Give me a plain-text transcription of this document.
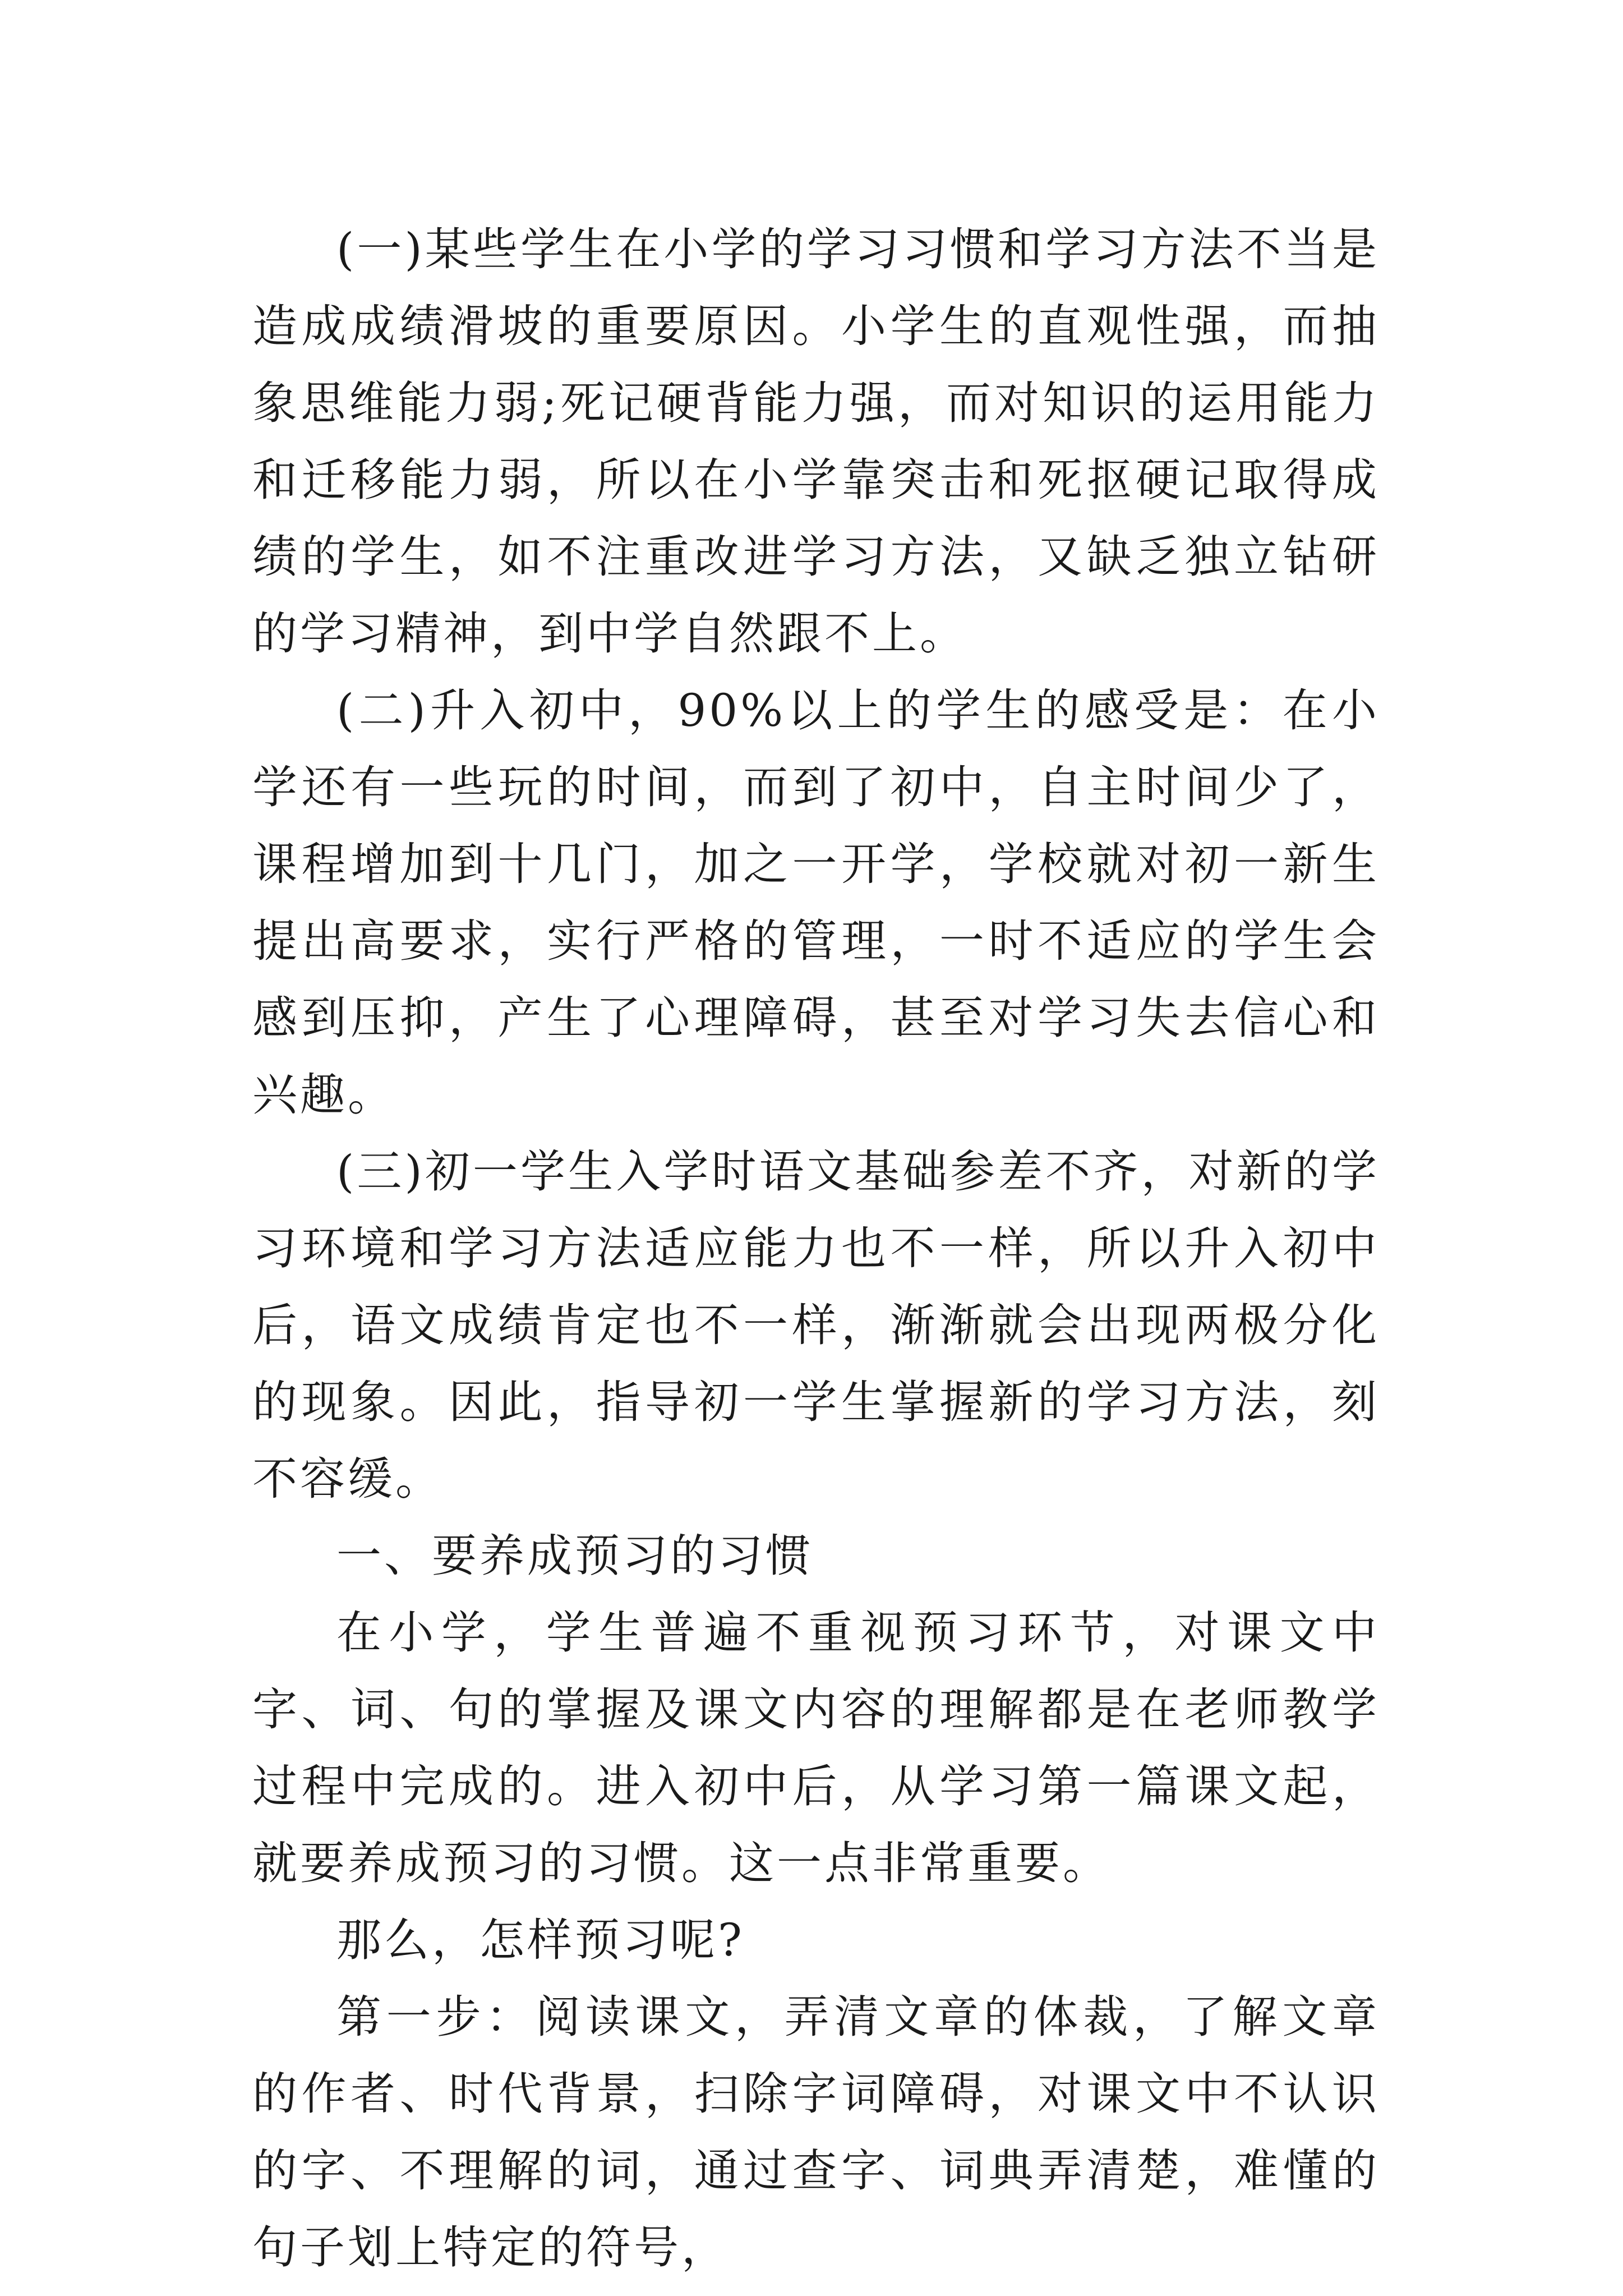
(一)某些学生在小学的学习习惯和学习方法不当是造成成绩滑坡的重要原因。小学生的直观性强，而抽象思维能力弱;死记硬背能力强，而对知识的运用能力和迁移能力弱，所以在小学靠突击和死抠硬记取得成绩的学生，如不注重改进学习方法，又缺乏独立钻研的学习精神，到中学自然跟不上。

(二)升入初中，90%以上的学生的感受是：在小学还有一些玩的时间，而到了初中，自主时间少了，课程增加到十几门，加之一开学，学校就对初一新生提出高要求，实行严格的管理，一时不适应的学生会感到压抑，产生了心理障碍，甚至对学习失去信心和兴趣。

(三)初一学生入学时语文基础参差不齐，对新的学习环境和学习方法适应能力也不一样，所以升入初中后，语文成绩肯定也不一样，渐渐就会出现两极分化的现象。因此，指导初一学生掌握新的学习方法，刻不容缓。

一、要养成预习的习惯

在小学，学生普遍不重视预习环节，对课文中字、词、句的掌握及课文内容的理解都是在老师教学过程中完成的。进入初中后，从学习第一篇课文起，就要养成预习的习惯。这一点非常重要。

那么，怎样预习呢?

第一步：阅读课文，弄清文章的体裁，了解文章的作者、时代背景，扫除字词障碍，对课文中不认识的字、不理解的词，通过查字、词典弄清楚，难懂的句子划上特定的符号，
